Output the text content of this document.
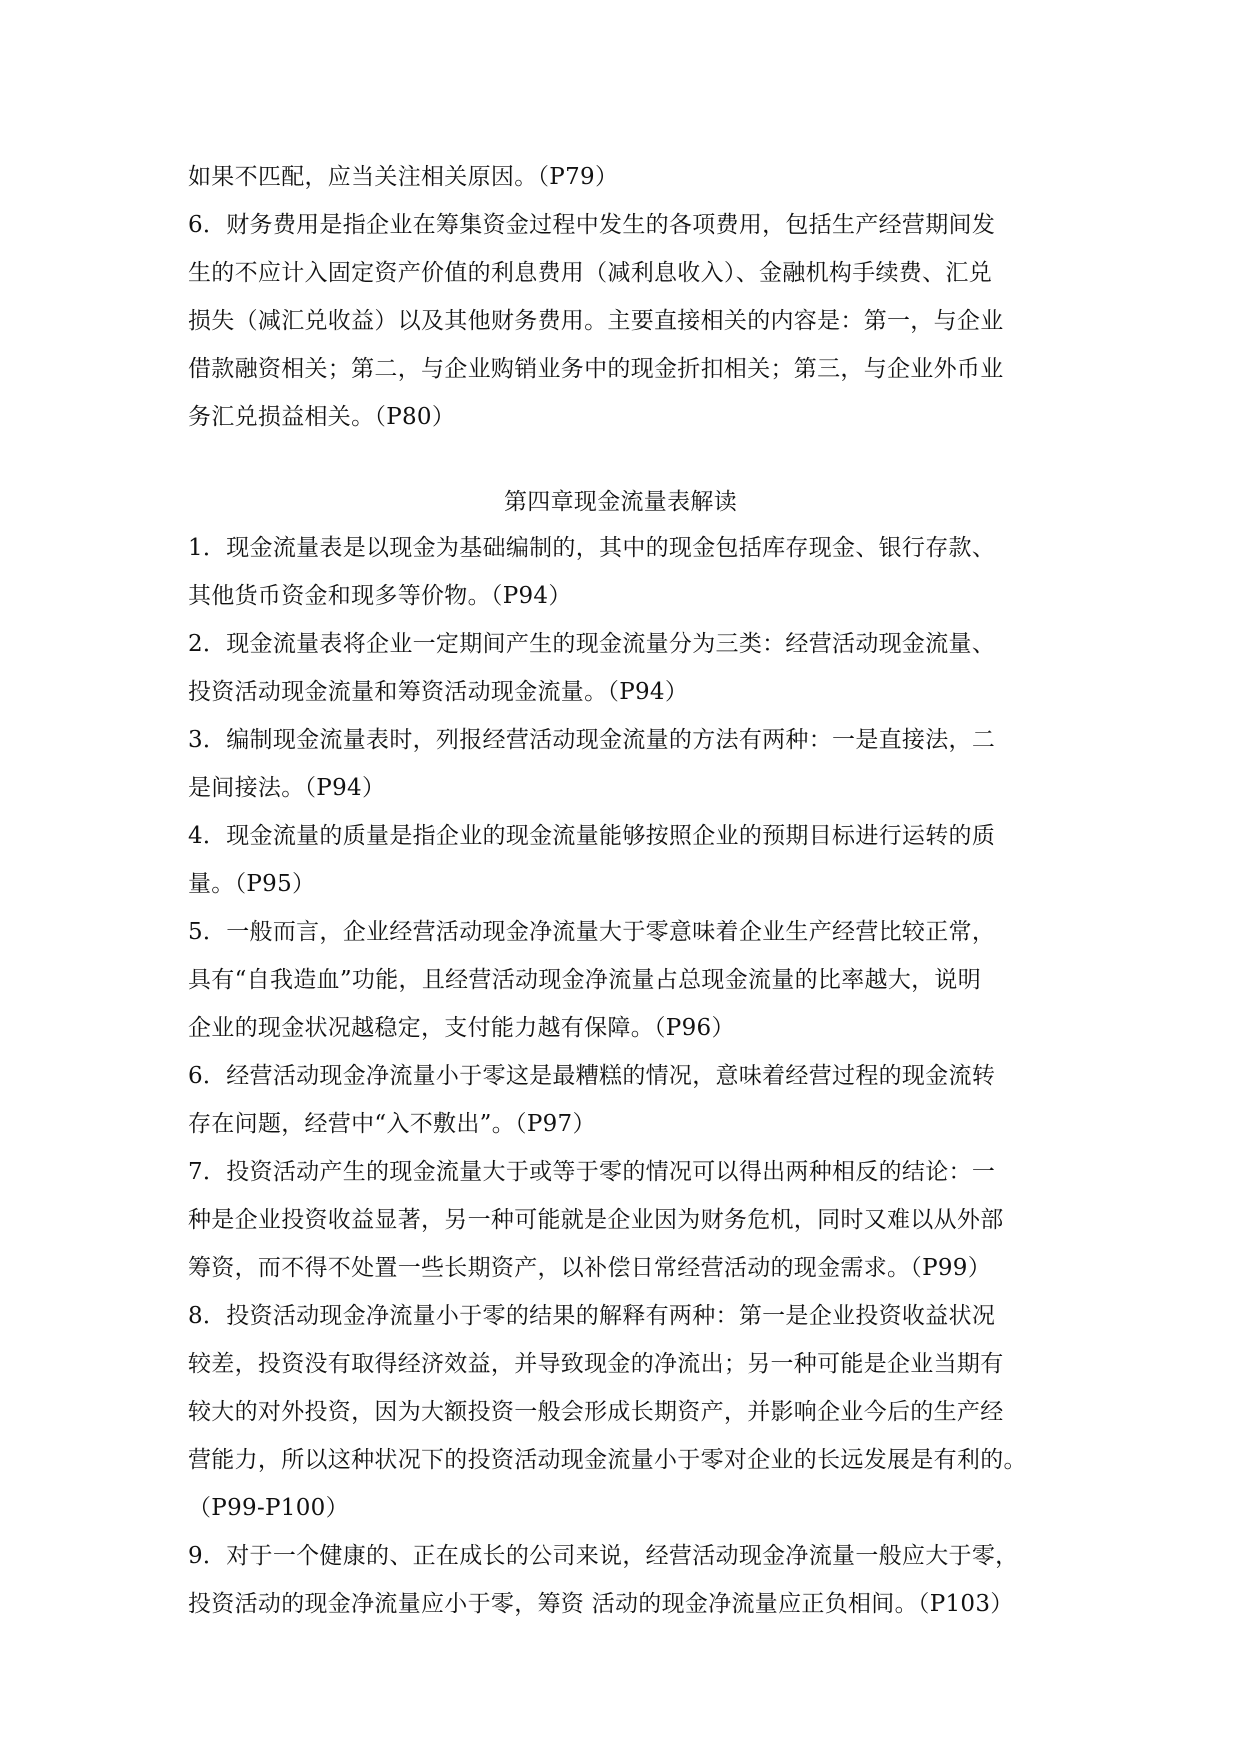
如果不匹配，应当关注相关原因。（P79）
6．财务费用是指企业在筹集资金过程中发生的各项费用，包括生产经营期间发
生的不应计入固定资产价值的利息费用（减利息收入）、金融机构手续费、汇兑
损失（减汇兑收益）以及其他财务费用。主要直接相关的内容是：第一，与企业
借款融资相关；第二，与企业购销业务中的现金折扣相关；第三，与企业外币业
务汇兑损益相关。（P80）
第四章现金流量表解读
1．现金流量表是以现金为基础编制的，其中的现金包括库存现金、银行存款、
其他货币资金和现多等价物。（P94）
2．现金流量表将企业一定期间产生的现金流量分为三类：经营活动现金流量、
投资活动现金流量和筹资活动现金流量。（P94）
3．编制现金流量表时，列报经营活动现金流量的方法有两种：一是直接法，二
是间接法。（P94）
4．现金流量的质量是指企业的现金流量能够按照企业的预期目标进行运转的质
量。（P95）
5．一般而言，企业经营活动现金净流量大于零意味着企业生产经营比较正常，
具有“自我造血”功能，且经营活动现金净流量占总现金流量的比率越大，说明
企业的现金状况越稳定，支付能力越有保障。（P96）
6．经营活动现金净流量小于零这是最糟糕的情况，意味着经营过程的现金流转
存在问题，经营中“入不敷出”。（P97）
7．投资活动产生的现金流量大于或等于零的情况可以得出两种相反的结论：一
种是企业投资收益显著，另一种可能就是企业因为财务危机，同时又难以从外部
筹资，而不得不处置一些长期资产，以补偿日常经营活动的现金需求。（P99）
8．投资活动现金净流量小于零的结果的解释有两种：第一是企业投资收益状况
较差，投资没有取得经济效益，并导致现金的净流出；另一种可能是企业当期有
较大的对外投资，因为大额投资一般会形成长期资产，并影响企业今后的生产经
营能力，所以这种状况下的投资活动现金流量小于零对企业的长远发展是有利的。
（P99-P100）
9．对于一个健康的、正在成长的公司来说，经营活动现金净流量一般应大于零，
投资活动的现金净流量应小于零，筹资 活动的现金净流量应正负相间。（P103）
